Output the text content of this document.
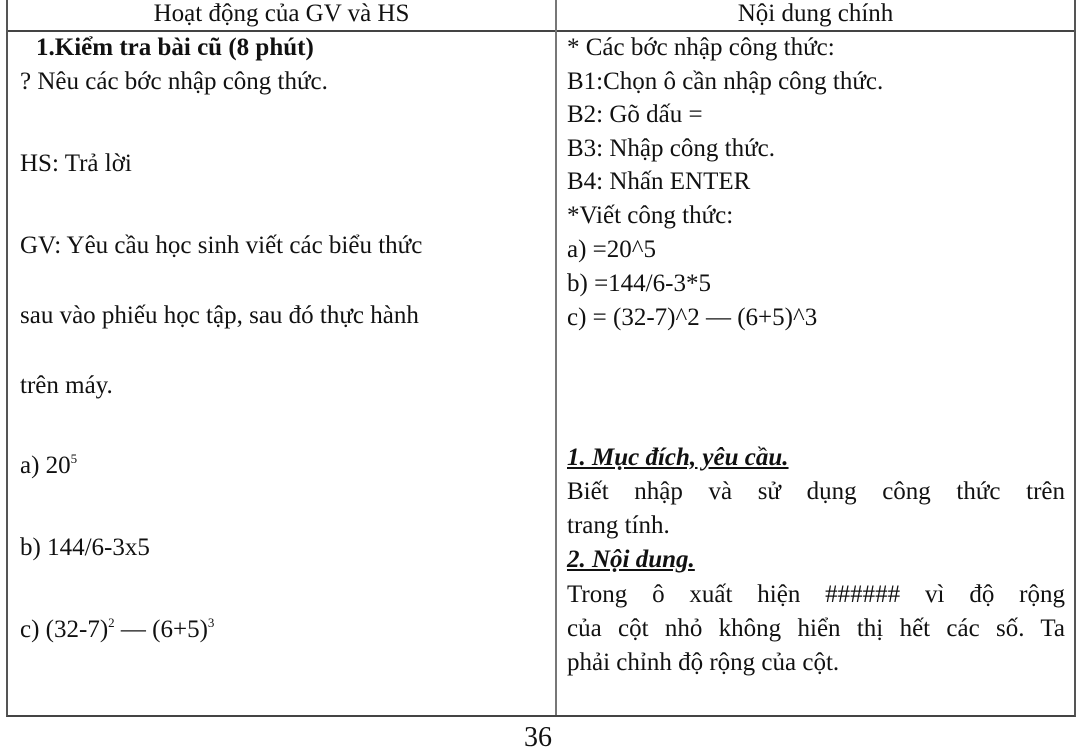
Hoạt động của GV và HS	Nội dung chính
1.Kiểm tra bài cũ (8 phút)
? Nêu các bớc nhập công thức.
HS: Trả lời
GV: Yêu cầu học sinh viết các biểu thức
sau vào phiếu học tập, sau đó thực hành
trên máy.
a) $20^5$
b) 144/6-3x5
c) $(32-7)^2$ — $(6+5)^3$
* Các bớc nhập công thức:
B1:Chọn ô cần nhập công thức.
B2: Gõ dấu =
B3: Nhập công thức.
B4: Nhấn ENTER
*Viết công thức:
a) =20^5
b) =144/6-3*5
c) = (32-7)^2 — (6+5)^3
1. Mục đích, yêu cầu.
Biết nhập và sử dụng công thức trên
trang tính.
2. Nội dung.
Trong ô xuất hiện ###### vì độ rộng
của cột nhỏ không hiển thị hết các số. Ta
phải chỉnh độ rộng của cột.
36
